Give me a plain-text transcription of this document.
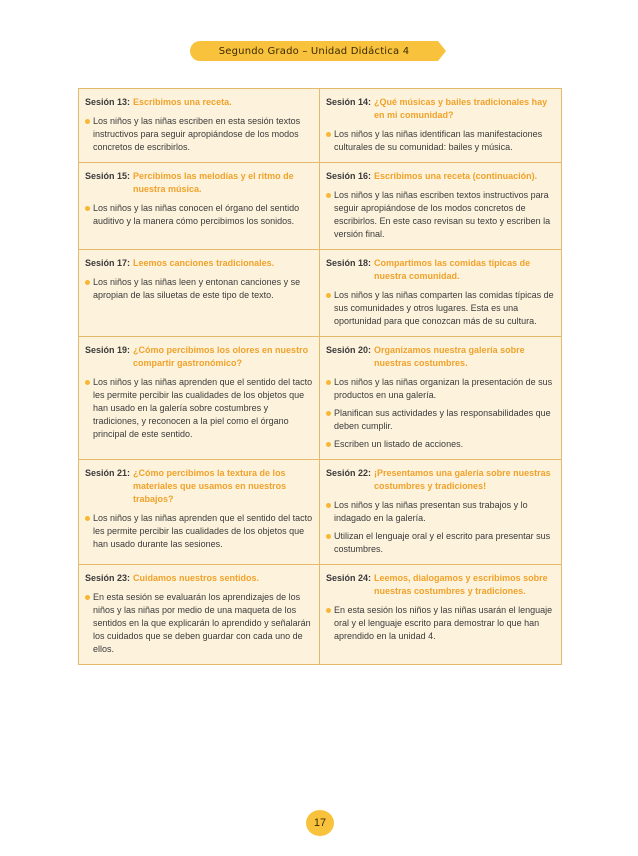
Segundo Grado – Unidad Didáctica 4
Sesión 13 : Escribimos una receta.
Los niños y las niñas escriben en esta sesión textos instructivos para seguir apropiándose de los modos concretos de escribirlos.
Sesión 14 : ¿Qué músicas y bailes tradicionales hay en mi comunidad?
Los niños y las niñas identifican las manifestaciones culturales de su comunidad: bailes y música.
Sesión 15 : Percibimos las melodías y el ritmo de nuestra música.
Los niños y las niñas conocen el órgano del sentido auditivo y la manera cómo percibimos los sonidos.
Sesión 16 : Escribimos una receta (continuación).
Los niños y las niñas escriben textos instructivos para seguir apropiándose de los modos concretos de escribirlos. En este caso revisan su texto y escriben la versión final.
Sesión 17 : Leemos canciones tradicionales.
Los niños y las niñas leen y entonan canciones y se apropian de las siluetas de este tipo de texto.
Sesión 18 : Compartimos las comidas típicas de nuestra comunidad.
Los niños y las niñas comparten las comidas típicas de sus comunidades y otros lugares. Esta es una oportunidad para que conozcan más de su cultura.
Sesión 19 : ¿Cómo percibimos los olores en nuestro compartir gastronómico?
Los niños y las niñas aprenden que el sentido del tacto les permite percibir las cualidades de los objetos que han usado en la galería sobre costumbres y tradiciones, y reconocen a la piel como el órgano principal de este sentido.
Sesión 20 : Organizamos nuestra galería sobre nuestras costumbres.
Los niños y las niñas organizan la presentación de sus productos en una galería.
Planifican sus actividades y las responsabilidades que deben cumplir.
Escriben un listado de acciones.
Sesión 21 : ¿Cómo percibimos la textura de los materiales que usamos en nuestros trabajos?
Los niños y las niñas aprenden que el sentido del tacto les permite percibir las cualidades de los objetos que han usado durante las sesiones.
Sesión 22 : ¡Presentamos una galería sobre nuestras costumbres y tradiciones!
Los niños y las niñas presentan sus trabajos y lo indagado en la galería.
Utilizan el lenguaje oral y el escrito para presentar sus costumbres.
Sesión 23 : Cuidamos nuestros sentidos.
En esta sesión se evaluarán los aprendizajes de los niños y las niñas por medio de una maqueta de los sentidos en la que explicarán lo aprendido y señalarán los cuidados que se deben guardar con cada uno de ellos.
Sesión 24 : Leemos, dialogamos y escribimos sobre nuestras costumbres y tradiciones.
En esta sesión los niños y las niñas usarán el lenguaje oral y el lenguaje escrito para demostrar lo que han aprendido en la unidad 4.
17
